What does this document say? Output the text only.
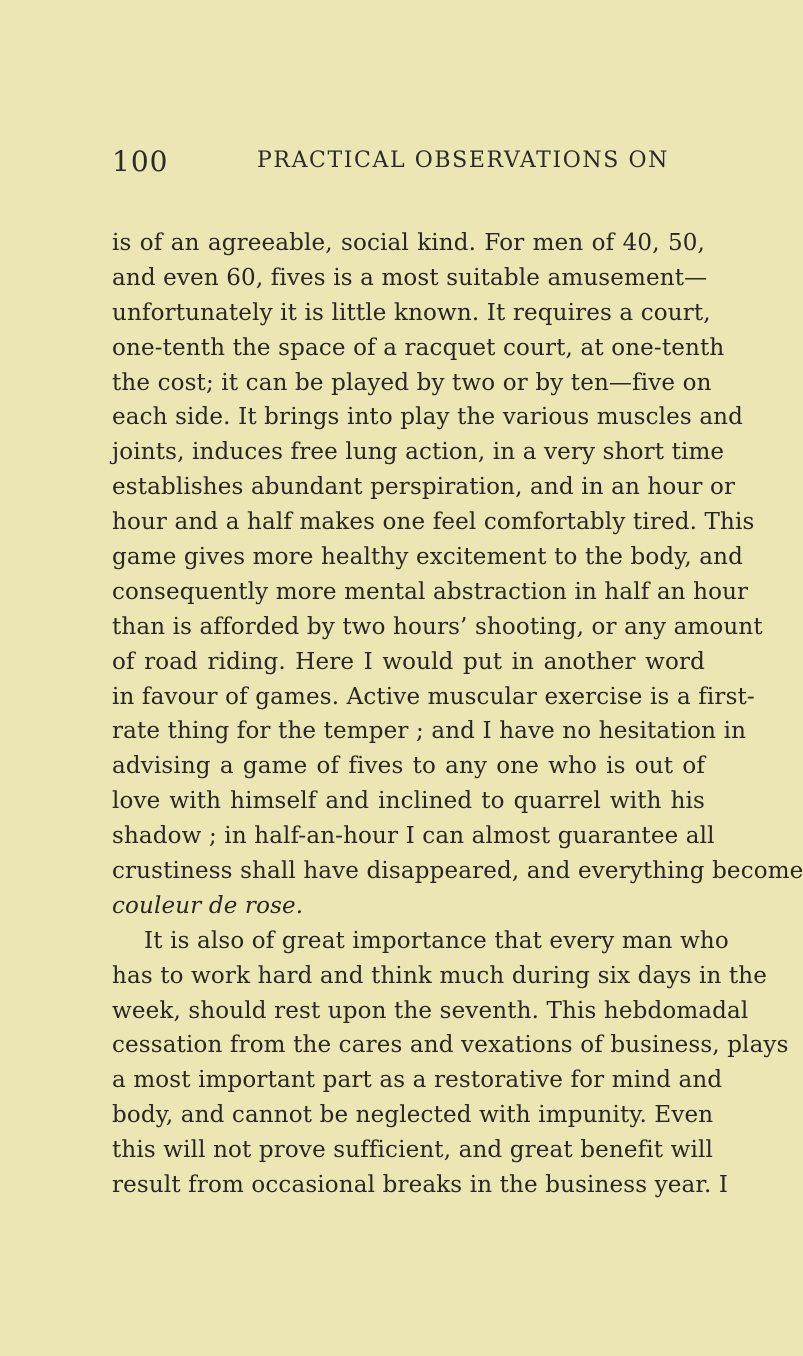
100	PRACTICAL OBSERVATIONS ON
is of an agreeable, social kind. For men of 40, 50,
and even 60, fives is a most suitable amusement—
unfortunately it is little known. It requires a court,
one-tenth the space of a racquet court, at one-tenth
the cost; it can be played by two or by ten—five on
each side. It brings into play the various muscles and
joints, induces free lung action, in a very short time
establishes abundant perspiration, and in an hour or
hour and a half makes one feel comfortably tired. This
game gives more healthy excitement to the body, and
consequently more mental abstraction in half an hour
than is afforded by two hours’ shooting, or any amount
of road riding. Here I would put in another word
in favour of games. Active muscular exercise is a first-
rate thing for the temper ; and I have no hesitation in
advising a game of fives to any one who is out of
love with himself and inclined to quarrel with his
shadow ; in half-an-hour I can almost guarantee all
crustiness shall have disappeared, and everything become
couleur de rose.
It is also of great importance that every man who
has to work hard and think much during six days in the
week, should rest upon the seventh. This hebdomadal
cessation from the cares and vexations of business, plays
a most important part as a restorative for mind and
body, and cannot be neglected with impunity. Even
this will not prove sufficient, and great benefit will
result from occasional breaks in the business year. I
